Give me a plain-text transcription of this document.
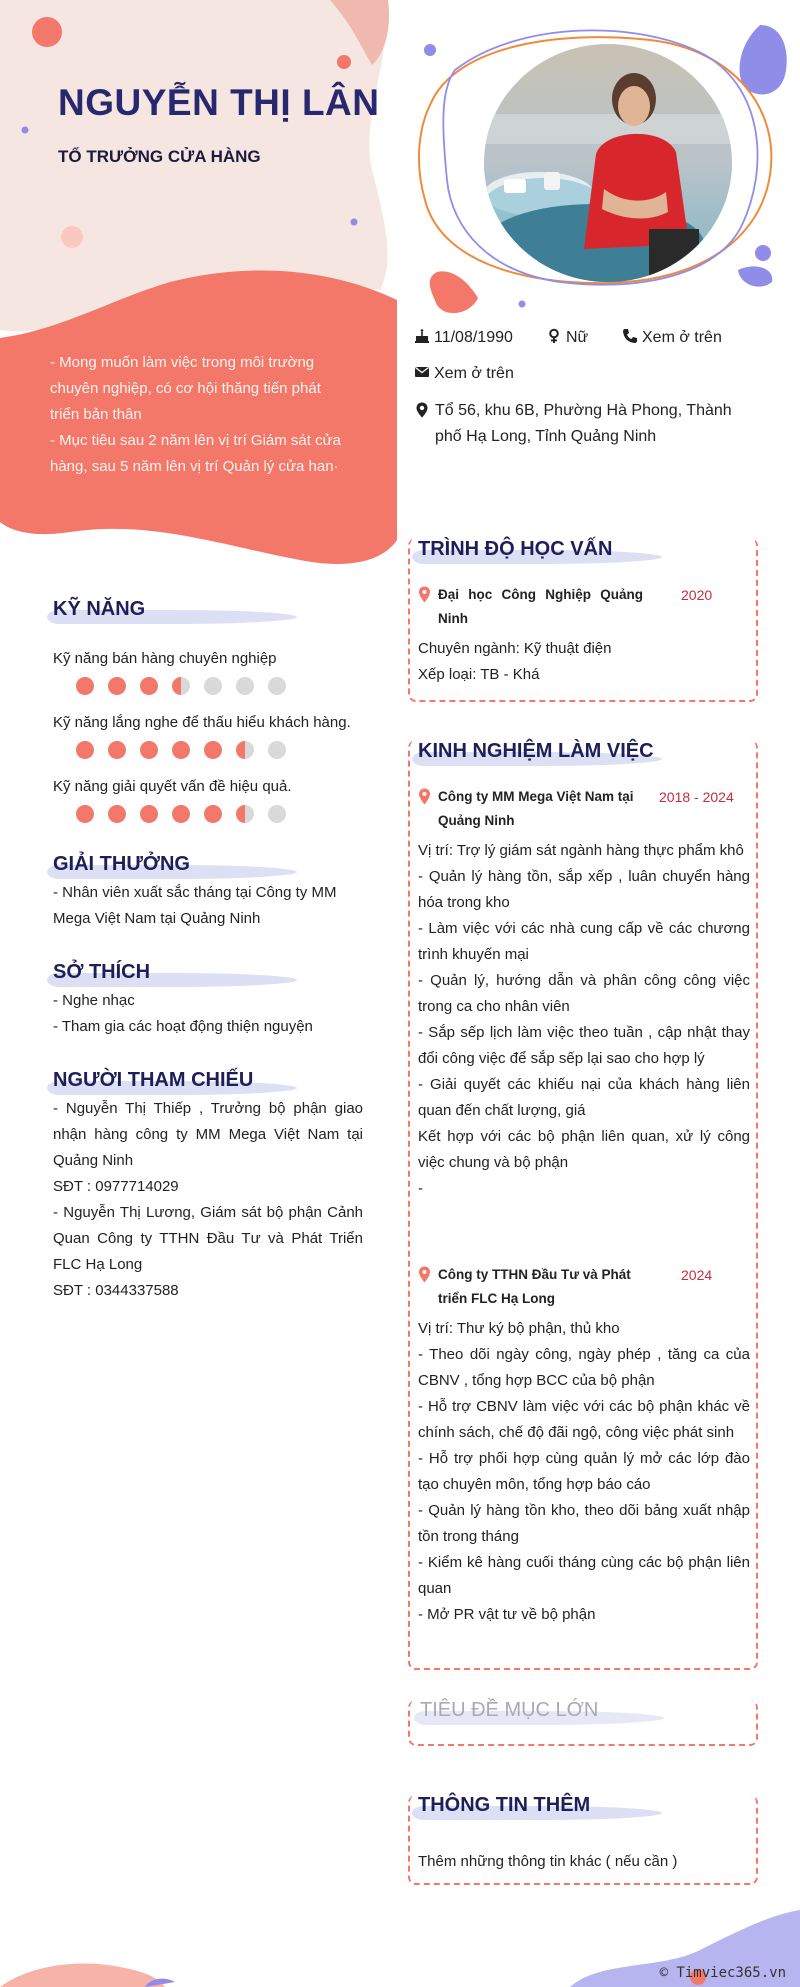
NGUYỄN THỊ LÂN
TỔ TRƯỞNG CỬA HÀNG

- Mong muốn làm việc trong môi trường chuyên nghiệp, có cơ hội thăng tiến phát triển bản thân

- Mục tiêu sau 2 năm lên vị trí Giám sát cửa hàng, sau 5 năm lên vị trí Quản lý cửa han·

11/08/1990	Nữ	Xem ở trên
Xem ở trên
Tổ 56, khu 6B, Phường Hà Phong, Thành phố Hạ Long, Tỉnh Quảng Ninh
KỸ NĂNG
Kỹ năng bán hàng chuyên nghiệp
Kỹ năng lắng nghe để thấu hiểu khách hàng.
Kỹ năng giải quyết vấn đề hiệu quả.
GIẢI THƯỞNG
- Nhân viên xuất sắc tháng tại Công ty MM Mega Việt Nam tại Quảng Ninh
SỞ THÍCH
- Nghe nhạc
- Tham gia các hoạt động thiện nguyện
NGƯỜI THAM CHIẾU
- Nguyễn Thị Thiếp , Trưởng bộ phận giao nhận hàng công ty MM Mega Việt Nam tại Quảng Ninh
SĐT : 0977714029
- Nguyễn Thị Lương, Giám sát bộ phận Cảnh Quan Công ty TTHN Đầu Tư và Phát Triển FLC Hạ Long
SĐT : 0344337588
TRÌNH ĐỘ HỌC VẤN
Đại học Công Nghiệp Quảng Ninh
2020
Chuyên ngành: Kỹ thuật điện
Xếp loại: TB - Khá
KINH NGHIỆM LÀM VIỆC
Công ty MM Mega Việt Nam tại Quảng Ninh
2018 - 2024
Vị trí: Trợ lý giám sát ngành hàng thực phẩm khô
- Quản lý hàng tồn, sắp xếp , luân chuyển hàng hóa trong kho
- Làm việc với các nhà cung cấp về các chương trình khuyến mại
- Quản lý, hướng dẫn và phân công công việc trong ca cho nhân viên
- Sắp sếp lịch làm việc theo tuần , cập nhật thay đổi công việc để sắp sếp lại sao cho hợp lý
- Giải quyết các khiếu nại của khách hàng liên quan đến chất lượng, giá
Kết hợp với các bộ phận liên quan, xử lý công việc chung và bộ phận
-
Công ty TTHN Đầu Tư và Phát triển FLC Hạ Long
2024
Vị trí: Thư ký bộ phận, thủ kho
- Theo dõi ngày công, ngày phép , tăng ca của CBNV , tổng hợp BCC của bộ phận
- Hỗ trợ CBNV làm việc với các bộ phận khác về chính sách, chế độ đãi ngộ, công việc phát sinh
- Hỗ trợ phối hợp cùng quản lý mở các lớp đào tạo chuyên môn, tổng hợp báo cáo
- Quản lý hàng tồn kho, theo dõi bảng xuất nhập tồn trong tháng
- Kiểm kê hàng cuối tháng cùng các bộ phận liên quan
- Mở PR vật tư về bộ phận
TIÊU ĐỀ MỤC LỚN
THÔNG TIN THÊM
Thêm những thông tin khác ( nếu cần )
© Timviec365.vn
